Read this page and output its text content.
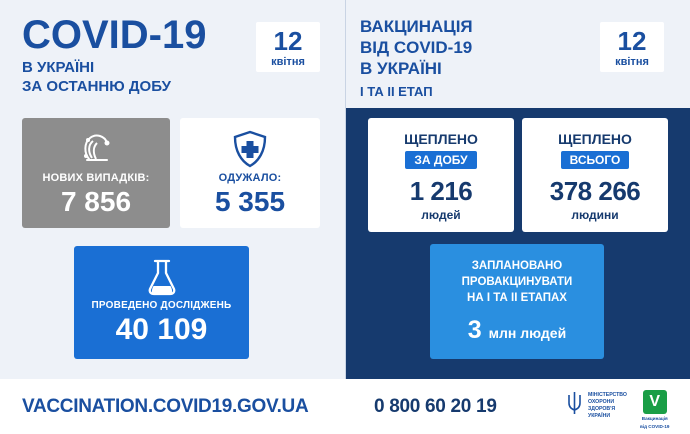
COVID-19
В УКРАЇНІ
ЗА ОСТАННЮ ДОБУ
12
квітня
ВАКЦИНАЦІЯ
ВІД COVID-19
В УКРАЇНІ
І ТА ІІ ЕТАП
12
квітня
НОВИХ ВИПАДКІВ:
7 856
ОДУЖАЛО:
5 355
ПРОВЕДЕНО ДОСЛІДЖЕНЬ
40 109
ЩЕПЛЕНО
ЗА ДОБУ
1 216
людей
ЩЕПЛЕНО
ВСЬОГО
378 266
людини
ЗАПЛАНОВАНО
ПРОВАКЦИНУВАТИ
НА І ТА ІІ ЕТАПАХ
3 млн людей
VACCINATION.COVID19.GOV.UA	0 800 60 20 19
МІНІСТЕРСТВО
ОХОРОНИ
ЗДОРОВ'Я
УКРАЇНИ
V
Вакцинація
від COVID-19
